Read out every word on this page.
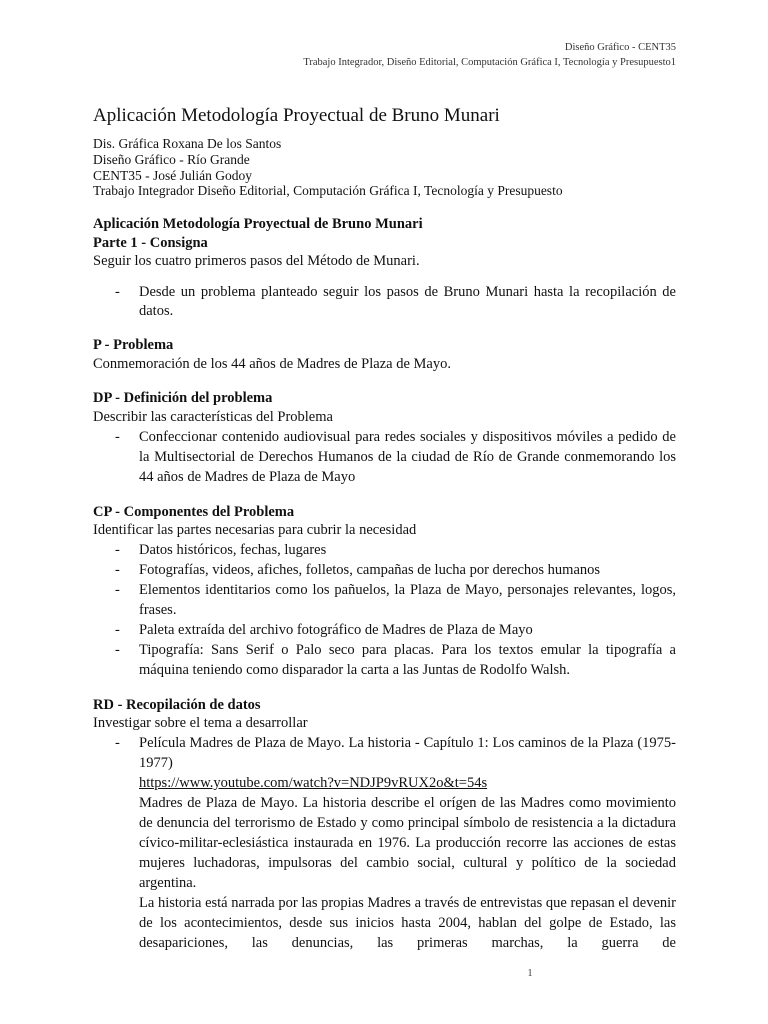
Diseño Gráfico - CENT35
Trabajo Integrador, Diseño Editorial, Computación Gráfica I, Tecnología y Presupuesto1
Aplicación Metodología Proyectual de Bruno Munari

Dis. Gráfica Roxana De los Santos

Diseño Gráfico - Río Grande

CENT35 - José Julián Godoy

Trabajo Integrador Diseño Editorial, Computación Gráfica I, Tecnología y Presupuesto

Aplicación Metodología Proyectual de Bruno Munari

Parte 1 - Consigna

Seguir los cuatro primeros pasos del Método de Munari.

- Desde un problema planteado seguir los pasos de Bruno Munari hasta la recopilación de datos.

P - Problema

Conmemoración de los 44 años de Madres de Plaza de Mayo.

DP - Definición del problema

Describir las características del Problema

- Confeccionar contenido audiovisual para redes sociales y dispositivos móviles a pedido de la Multisectorial de Derechos Humanos de la ciudad de Río de Grande conmemorando los 44 años de Madres de Plaza de Mayo

CP - Componentes del Problema

Identificar las partes necesarias para cubrir la necesidad

- Datos históricos, fechas, lugares
- Fotografías, videos, afiches, folletos, campañas de lucha por derechos humanos
- Elementos identitarios como los pañuelos, la Plaza de Mayo, personajes relevantes, logos, frases.
- Paleta extraída del archivo fotográfico de Madres de Plaza de Mayo
- Tipografía: Sans Serif o Palo seco para placas. Para los textos emular la tipografía a máquina teniendo como disparador la carta a las Juntas de Rodolfo Walsh.

RD - Recopilación de datos

Investigar sobre el tema a desarrollar

- Película Madres de Plaza de Mayo. La historia - Capítulo 1: Los caminos de la Plaza (1975-1977)
https://www.youtube.com/watch?v=NDJP9vRUX2o&t=54s
Madres de Plaza de Mayo. La historia describe el orígen de las Madres como movimiento de denuncia del terrorismo de Estado y como principal símbolo de resistencia a la dictadura cívico-militar-eclesiástica instaurada en 1976. La producción recorre las acciones de estas mujeres luchadoras, impulsoras del cambio social, cultural y político de la sociedad argentina.
La historia está narrada por las propias Madres a través de entrevistas que repasan el devenir de los acontecimientos, desde sus inicios hasta 2004, hablan del golpe de Estado, las desapariciones, las denuncias, las primeras marchas, la guerra de
1
